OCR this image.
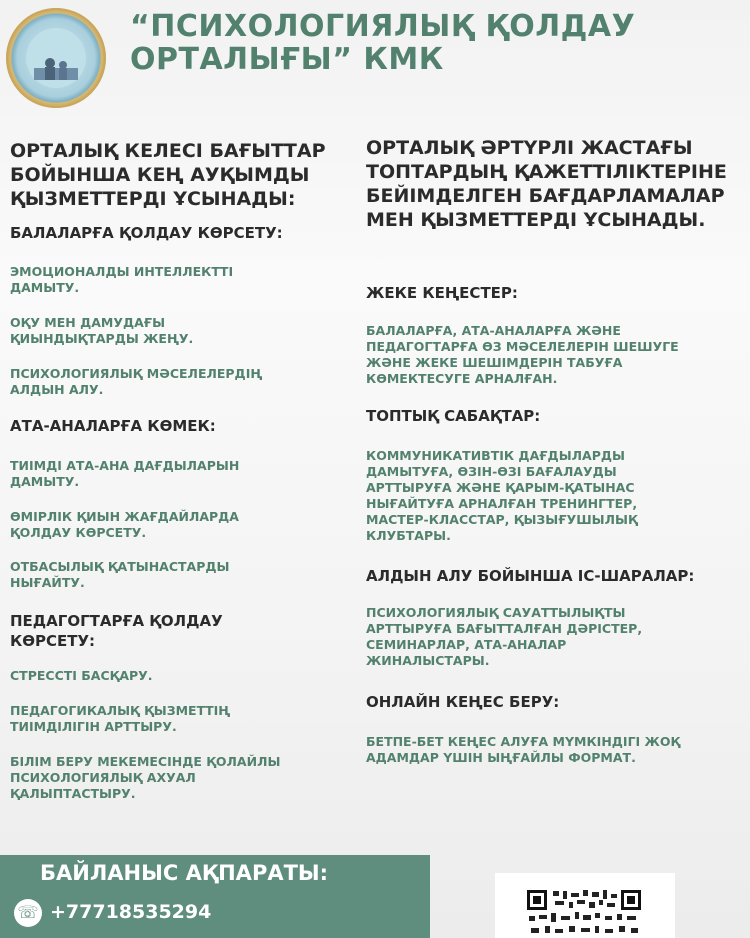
“ПСИХОЛОГИЯЛЫҚ ҚОЛДАУ
ОРТАЛЫҒЫ” КМК
ОРТАЛЫҚ КЕЛЕСІ БАҒЫТТАР
БОЙЫНША КЕҢ АУҚЫМДЫ
ҚЫЗМЕТТЕРДІ ҰСЫНАДЫ:
БАЛАЛАРҒА ҚОЛДАУ КӨРСЕТУ:
ЭМОЦИОНАЛДЫ ИНТЕЛЛЕКТТІ
ДАМЫТУ.
ОҚУ МЕН ДАМУДАҒЫ
ҚИЫНДЫҚТАРДЫ ЖЕҢУ.
ПСИХОЛОГИЯЛЫҚ МӘСЕЛЕЛЕРДІҢ
АЛДЫН АЛУ.
АТА-АНАЛАРҒА КӨМЕК:
ТИІМДІ АТА-АНА ДАҒДЫЛАРЫН
ДАМЫТУ.
ӨМІРЛІК ҚИЫН ЖАҒДАЙЛАРДА
ҚОЛДАУ КӨРСЕТУ.
ОТБАСЫЛЫҚ ҚАТЫНАСТАРДЫ
НЫҒАЙТУ.
ПЕДАГОГТАРҒА ҚОЛДАУ
КӨРСЕТУ:
СТРЕССТІ БАСҚАРУ.
ПЕДАГОГИКАЛЫҚ ҚЫЗМЕТТІҢ
ТИІМДІЛІГІН АРТТЫРУ.
БІЛІМ БЕРУ МЕКЕМЕСІНДЕ ҚОЛАЙЛЫ
ПСИХОЛОГИЯЛЫҚ АХУАЛ
ҚАЛЫПТАСТЫРУ.
ОРТАЛЫҚ ӘРТҮРЛІ ЖАСТАҒЫ
ТОПТАРДЫҢ ҚАЖЕТТІЛІКТЕРІНЕ
БЕЙІМДЕЛГЕН БАҒДАРЛАМАЛАР
МЕН ҚЫЗМЕТТЕРДІ ҰСЫНАДЫ.
ЖЕКЕ КЕҢЕСТЕР:
БАЛАЛАРҒА, АТА-АНАЛАРҒА ЖӘНЕ
ПЕДАГОГТАРҒА ӨЗ МӘСЕЛЕЛЕРІН ШЕШУГЕ
ЖӘНЕ ЖЕКЕ ШЕШІМДЕРІН ТАБУҒА
КӨМЕКТЕСУГЕ АРНАЛҒАН.
ТОПТЫҚ САБАҚТАР:
КОММУНИКАТИВТІК ДАҒДЫЛАРДЫ
ДАМЫТУҒА, ӨЗІН-ӨЗІ БАҒАЛАУДЫ
АРТТЫРУҒА ЖӘНЕ ҚАРЫМ-ҚАТЫНАС
НЫҒАЙТУҒА АРНАЛҒАН ТРЕНИНГТЕР,
МАСТЕР-КЛАССТАР, ҚЫЗЫҒУШЫЛЫҚ
КЛУБТАРЫ.
АЛДЫН АЛУ БОЙЫНША ІС-ШАРАЛАР:
ПСИХОЛОГИЯЛЫҚ САУАТТЫЛЫҚТЫ
АРТТЫРУҒА БАҒЫТТАЛҒАН ДӘРІСТЕР,
СЕМИНАРЛАР, АТА-АНАЛАР
ЖИНАЛЫСТАРЫ.
ОНЛАЙН КЕҢЕС БЕРУ:
БЕТПЕ-БЕТ КЕҢЕС АЛУҒА МҮМКІНДІГІ ЖОҚ
АДАМДАР ҮШІН ЫҢҒАЙЛЫ ФОРМАТ.
БАЙЛАНЫС АҚПАРАТЫ:
☏ +77718535294
